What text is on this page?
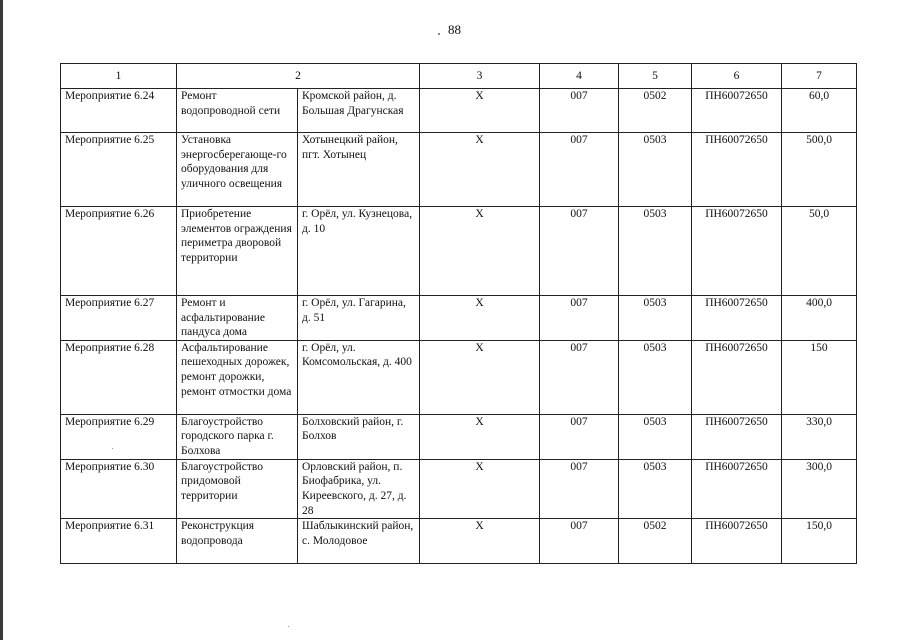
88
1	2		3	4	5	6	7
Мероприятие 6.24	Ремонт водопроводной сети	Кромской район, д. Большая Драгунская	Х	007	0502	ПН60072650	60,0
Мероприятие 6.25	Установка энергосберегающе-го оборудования для уличного освещения	Хотынецкий район, пгт. Хотынец	Х	007	0503	ПН60072650	500,0
Мероприятие 6.26	Приобретение элементов ограждения периметра дворовой территории	г. Орёл, ул. Кузнецова, д. 10	Х	007	0503	ПН60072650	50,0
Мероприятие 6.27	Ремонт и асфальтирование пандуса дома	г. Орёл, ул. Гагарина, д. 51	Х	007	0503	ПН60072650	400,0
Мероприятие 6.28	Асфальтирование пешеходных дорожек, ремонт дорожки, ремонт отмостки дома	г. Орёл, ул. Комсомольская, д. 400	Х	007	0503	ПН60072650	150
Мероприятие 6.29	Благоустройство городского парка г. Болхова	Болховский район, г. Болхов	Х	007	0503	ПН60072650	330,0
Мероприятие 6.30	Благоустройство придомовой территории	Орловский район, п. Биофабрика, ул. Киреевского, д. 27, д. 28	Х	007	0503	ПН60072650	300,0
Мероприятие 6.31	Реконструкция водопровода	Шаблыкинский район, с. Молодовое	Х	007	0502	ПН60072650	150,0
